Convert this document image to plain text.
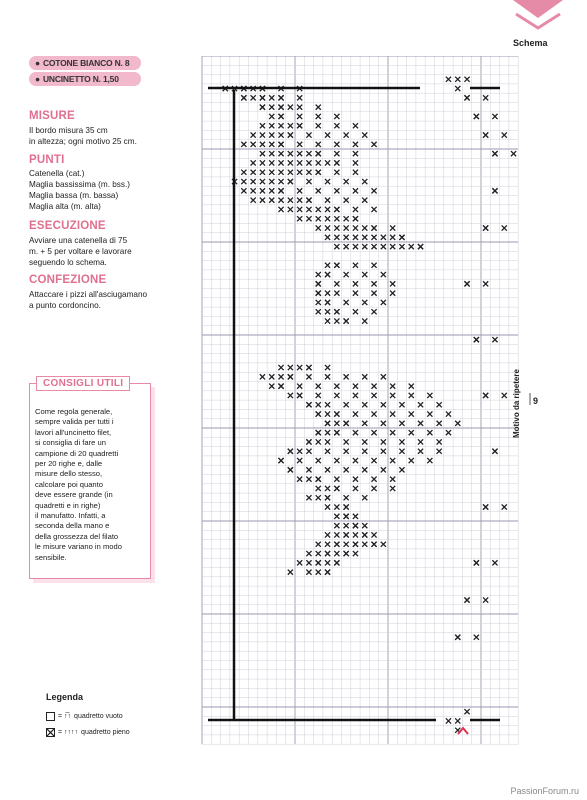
Schema
● COTONE BIANCO N. 8
● UNCINETTO N. 1,50
MISURE
Il bordo misura 35 cm
in altezza; ogni motivo 25 cm.
PUNTI
Catenella (cat.)
Maglia bassissima (m. bss.)
Maglia bassa (m. bassa)
Maglia alta (m. alta)
ESECUZIONE
Avviare una catenella di 75
m. + 5 per voltare e lavorare
seguendo lo schema.
CONFEZIONE
Attaccare i pizzi all'asciugamano
a punto cordoncino.
CONSIGLI UTILI
Come regola generale,
sempre valida per tutti i
lavori all'uncinetto filet,
si consiglia di fare un
campione di 20 quadretti
per 20 righe e, dalle
misure dello stesso,
calcolare poi quanto
deve essere grande (in
quadretti e in righe)
il manufatto. Infatti, a
seconda della mano e
della grossezza del filato
le misure variano in modo
sensibile.
Legenda
= ↑̅↑ quadretto vuoto
= ↑↑↑↑ quadretto pieno
Motivo da ripetere 9
PassionForum.ru
